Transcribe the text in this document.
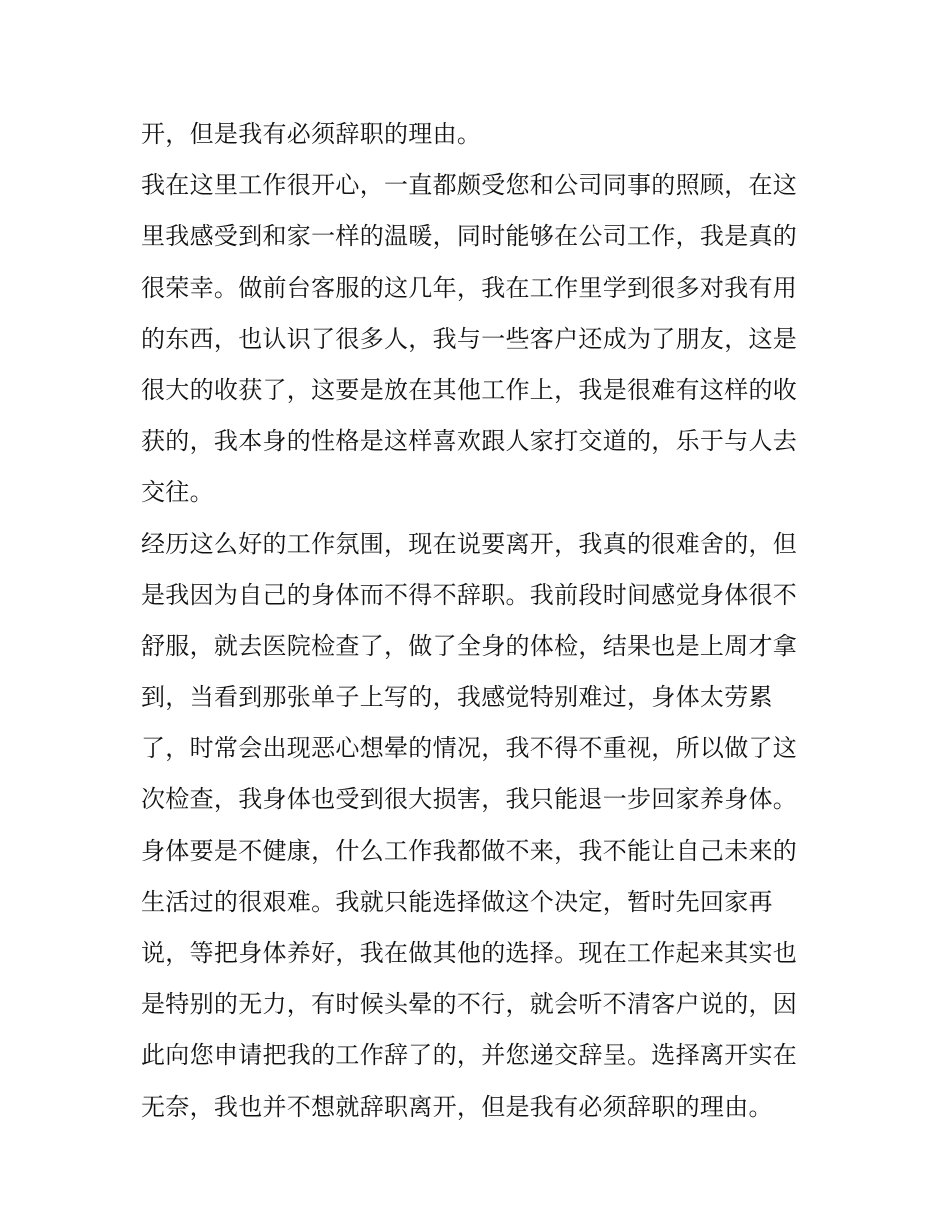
开，但是我有必须辞职的理由。
我在这里工作很开心，一直都颇受您和公司同事的照顾，在这
里我感受到和家一样的温暖，同时能够在公司工作，我是真的
很荣幸。做前台客服的这几年，我在工作里学到很多对我有用
的东西，也认识了很多人，我与一些客户还成为了朋友，这是
很大的收获了，这要是放在其他工作上，我是很难有这样的收
获的，我本身的性格是这样喜欢跟人家打交道的，乐于与人去
交往。
经历这么好的工作氛围，现在说要离开，我真的很难舍的，但
是我因为自己的身体而不得不辞职。我前段时间感觉身体很不
舒服，就去医院检查了，做了全身的体检，结果也是上周才拿
到，当看到那张单子上写的，我感觉特别难过，身体太劳累
了，时常会出现恶心想晕的情况，我不得不重视，所以做了这
次检查，我身体也受到很大损害，我只能退一步回家养身体。
身体要是不健康，什么工作我都做不来，我不能让自己未来的
生活过的很艰难。我就只能选择做这个决定，暂时先回家再
说，等把身体养好，我在做其他的选择。现在工作起来其实也
是特别的无力，有时候头晕的不行，就会听不清客户说的，因
此向您申请把我的工作辞了的，并您递交辞呈。选择离开实在
无奈，我也并不想就辞职离开，但是我有必须辞职的理由。
